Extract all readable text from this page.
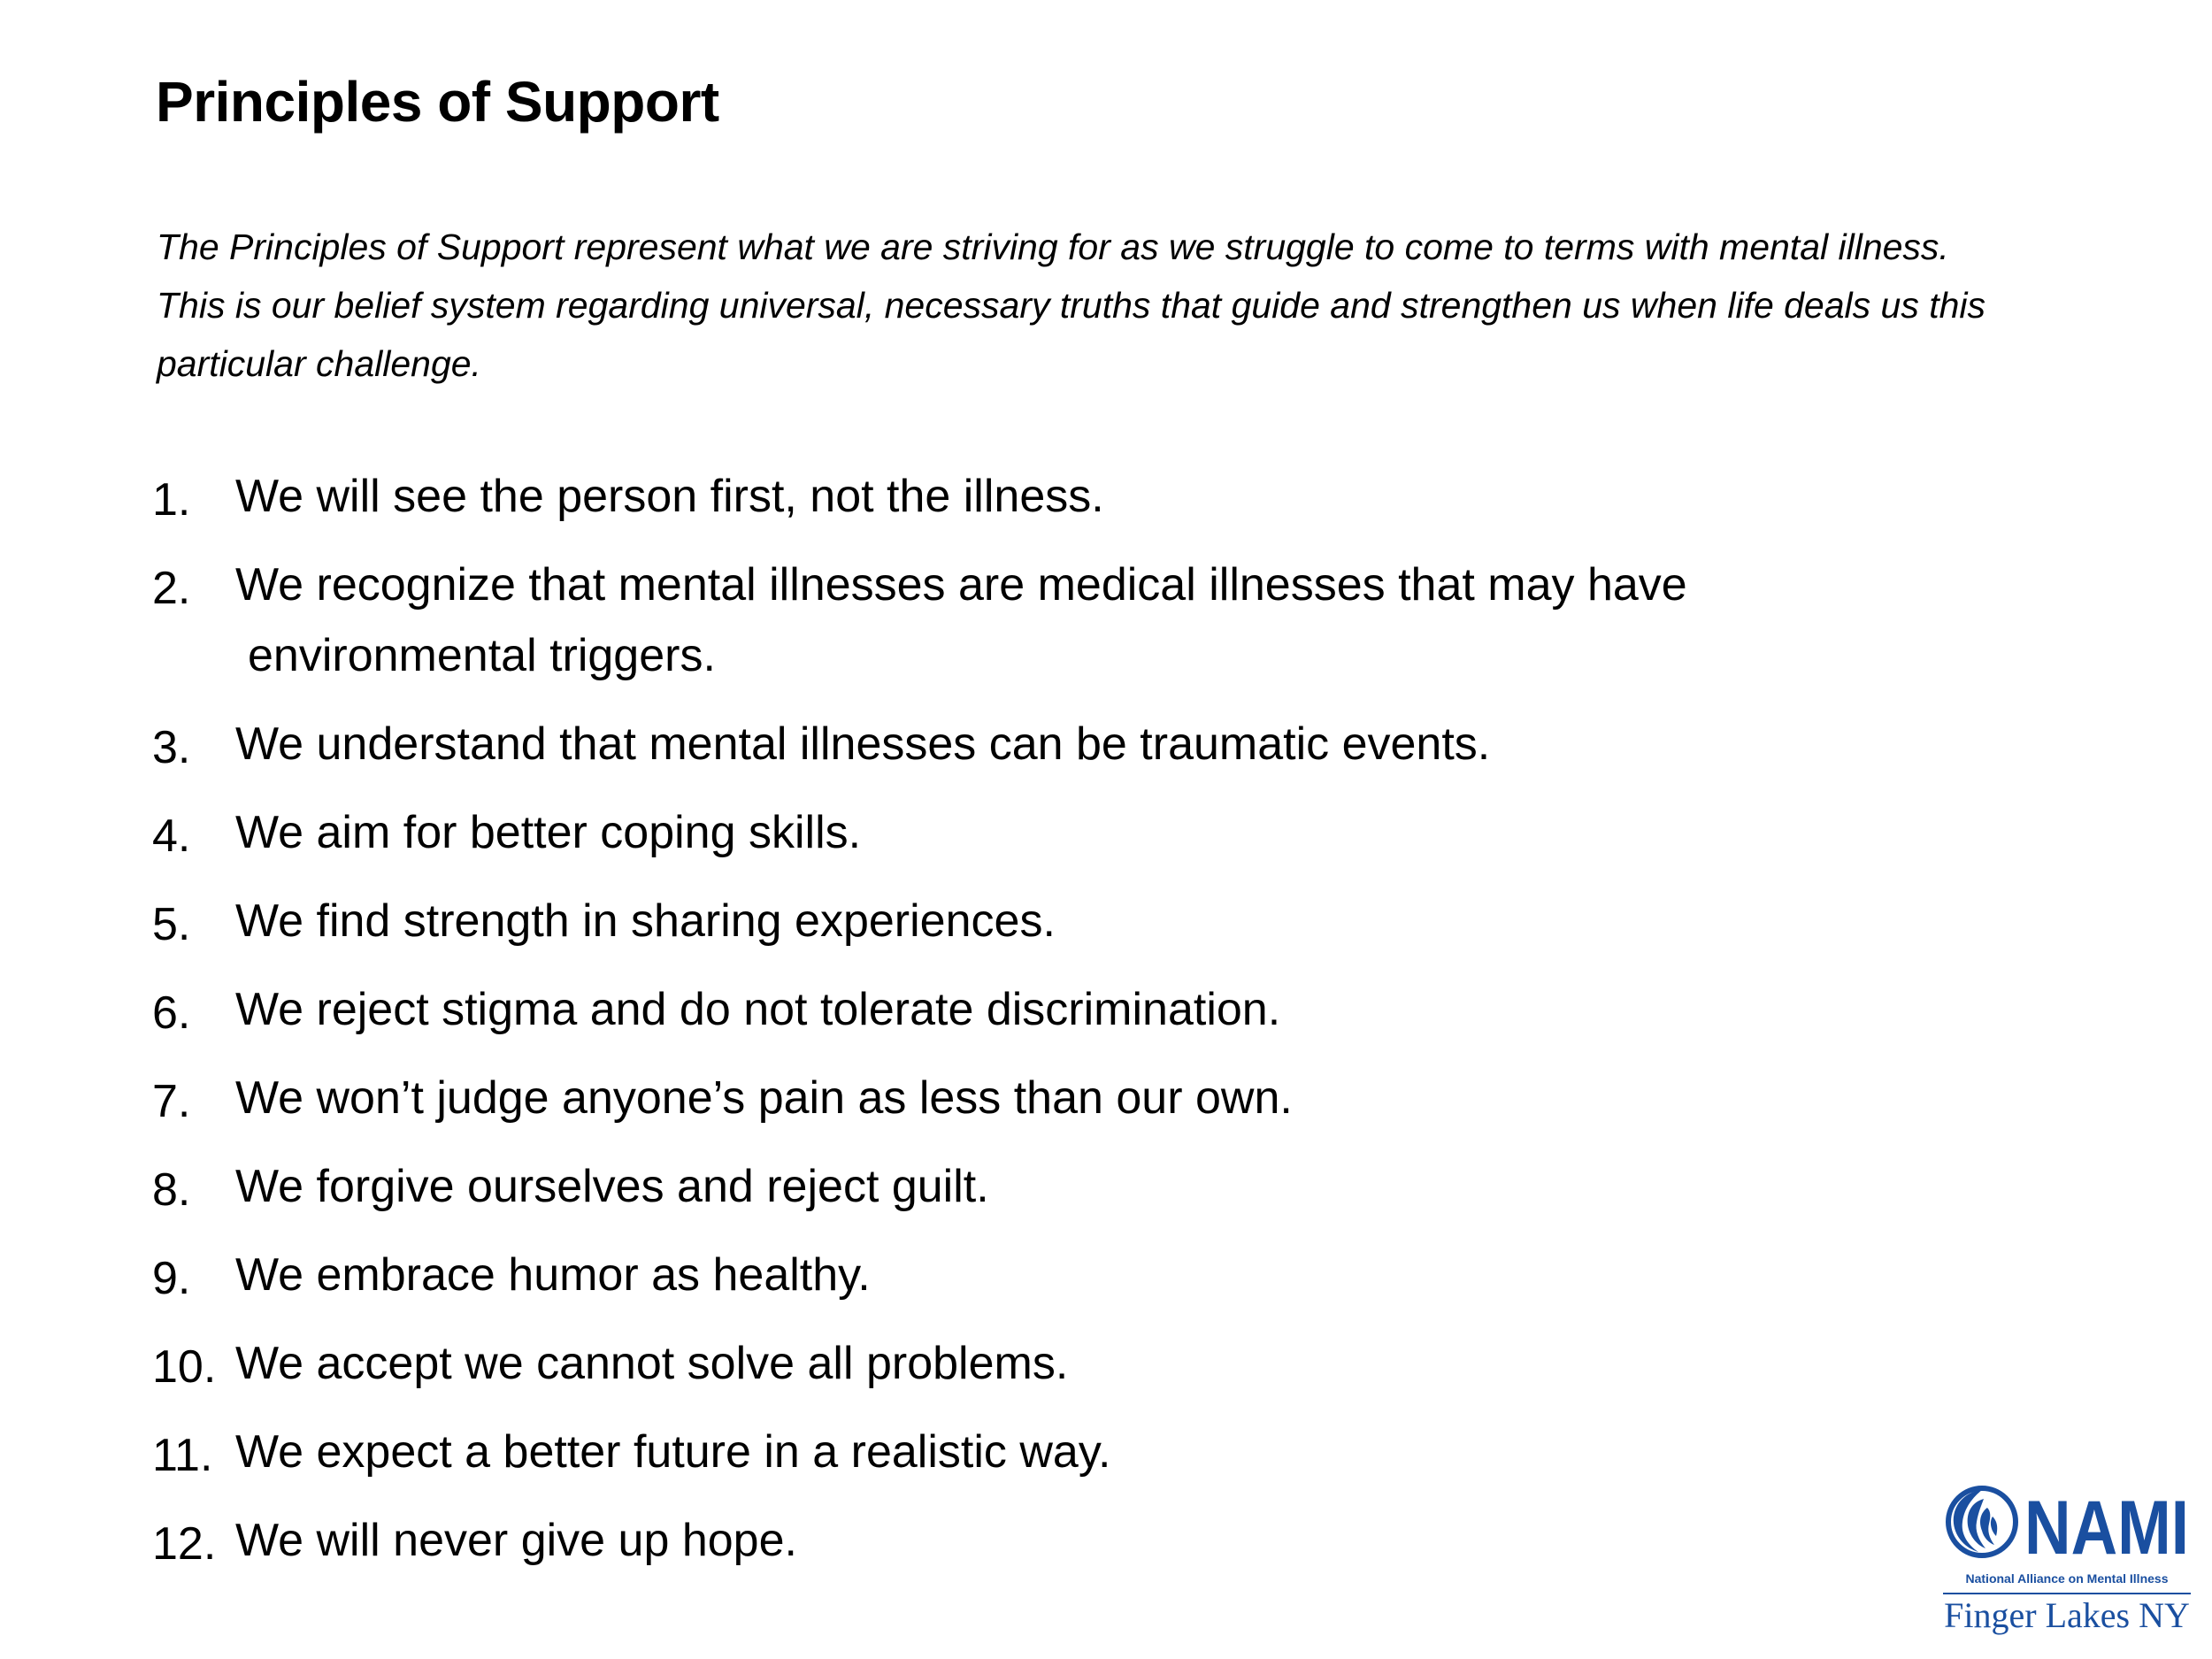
Principles of Support

The Principles of Support represent what we are striving for as we struggle to come to terms with mental illness.
This is our belief system regarding universal, necessary truths that guide and strengthen us when life deals us this
particular challenge.

1. We will see the person first, not the illness.
2. We recognize that mental illnesses are medical illnesses that may have
environmental triggers.
3. We understand that mental illnesses can be traumatic events.
4. We aim for better coping skills.
5. We find strength in sharing experiences.
6. We reject stigma and do not tolerate discrimination.
7. We won’t judge anyone’s pain as less than our own.
8. We forgive ourselves and reject guilt.
9. We embrace humor as healthy.
10. We accept we cannot solve all problems.
11. We expect a better future in a realistic way.
12. We will never give up hope.	NAMI
National Alliance on Mental Illness
Finger Lakes NY
